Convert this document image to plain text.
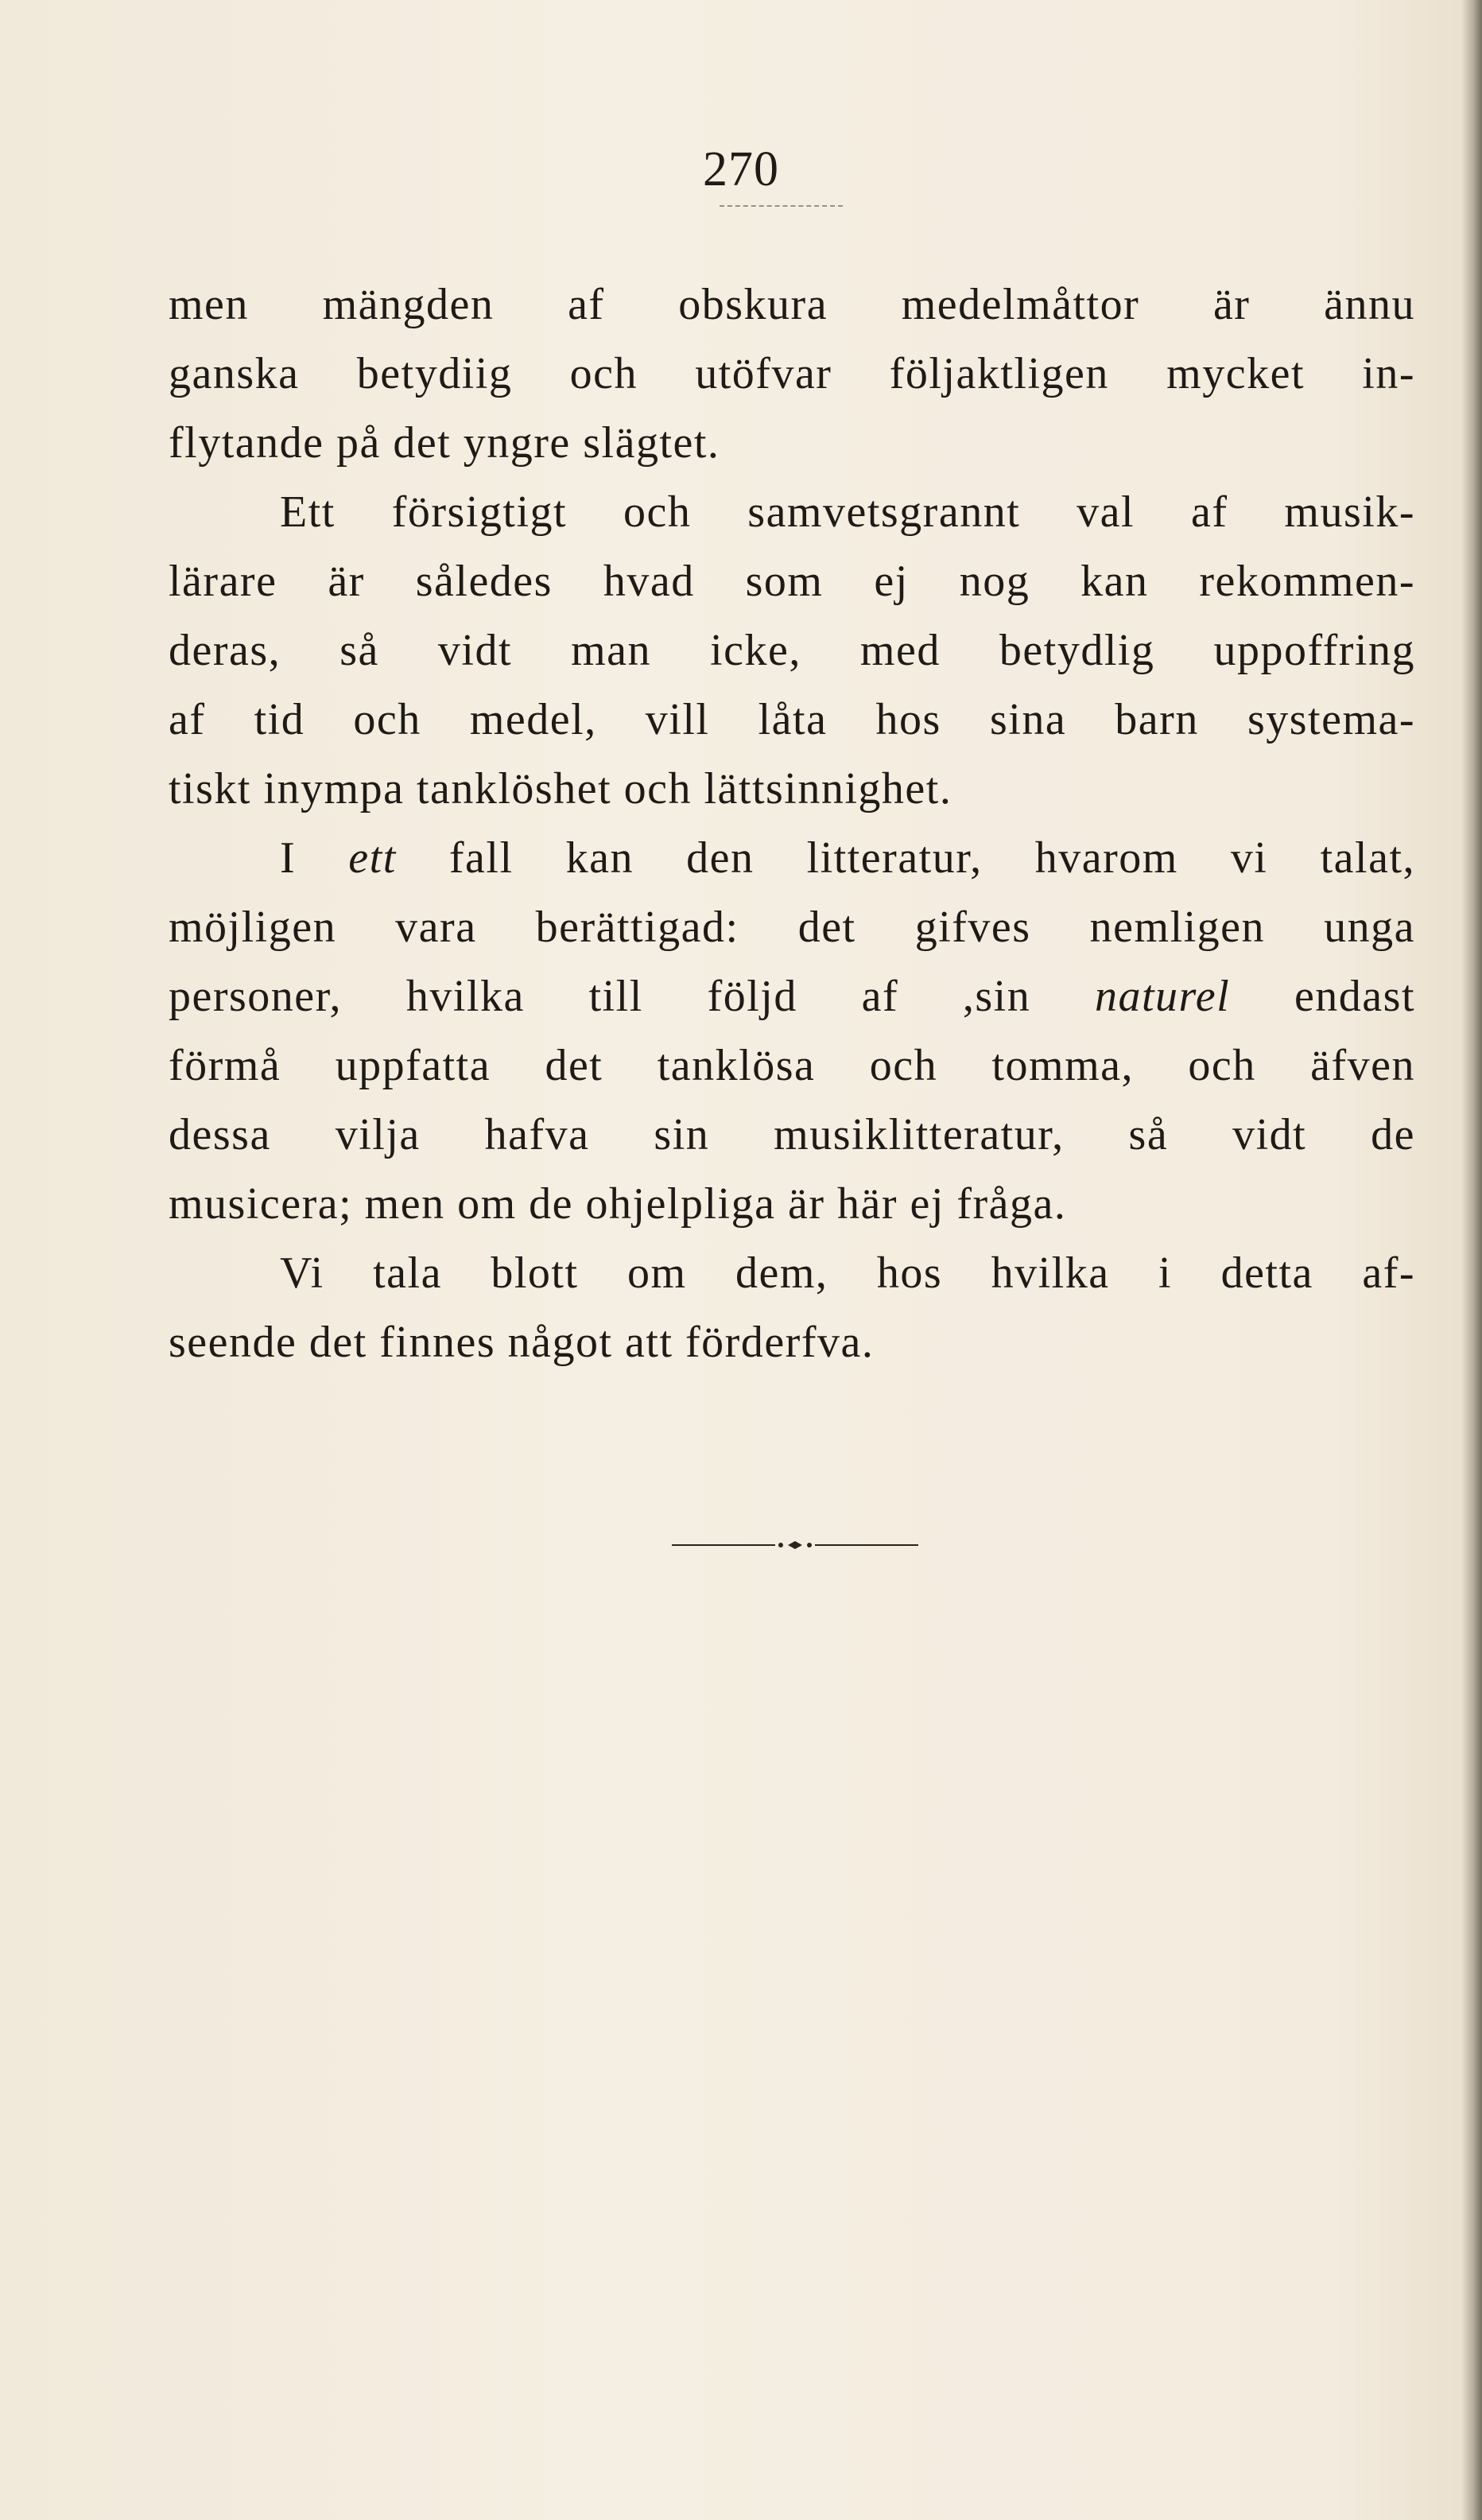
270
men mängden af obskura medelmåttor är ännu
ganska betydiig och utöfvar följaktligen mycket in-
flytande på det yngre slägtet.
Ett försigtigt och samvetsgrannt val af musik-
lärare är således hvad som ej nog kan rekommen-
deras, så vidt man icke, med betydlig uppoffring
af tid och medel, vill låta hos sina barn systema-
tiskt inympa tanklöshet och lättsinnighet.
I ett fall kan den litteratur, hvarom vi talat,
möjligen vara berättigad: det gifves nemligen unga
personer, hvilka till följd af ,sin naturel endast
förmå uppfatta det tanklösa och tomma, och äfven
dessa vilja hafva sin musiklitteratur, så vidt de
musicera; men om de ohjelpliga är här ej fråga.
Vi tala blott om dem, hos hvilka i detta af-
seende det finnes något att förderfva.
